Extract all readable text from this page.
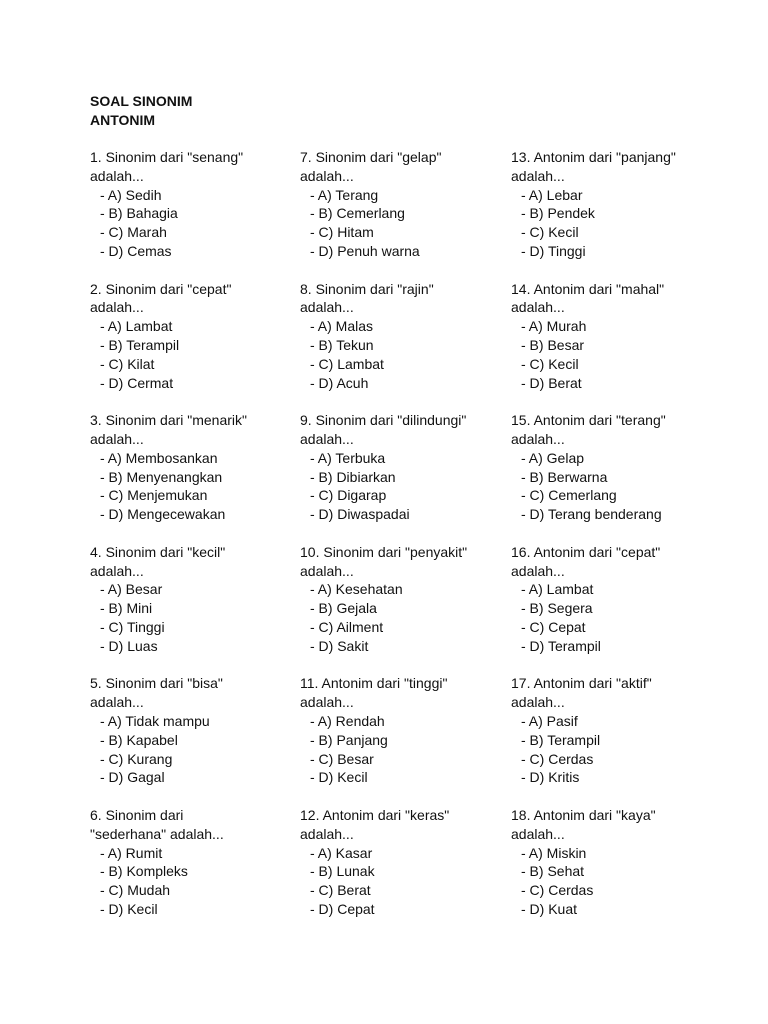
SOAL SINONIM
ANTONIM
1. Sinonim dari "senang"
adalah...
- A) Sedih
- B) Bahagia
- C) Marah
- D) Cemas
2. Sinonim dari "cepat"
adalah...
- A) Lambat
- B) Terampil
- C) Kilat
- D) Cermat
3. Sinonim dari "menarik"
adalah...
- A) Membosankan
- B) Menyenangkan
- C) Menjemukan
- D) Mengecewakan
4. Sinonim dari "kecil"
adalah...
- A) Besar
- B) Mini
- C) Tinggi
- D) Luas
5. Sinonim dari "bisa"
adalah...
- A) Tidak mampu
- B) Kapabel
- C) Kurang
- D) Gagal
6. Sinonim dari
"sederhana" adalah...
- A) Rumit
- B) Kompleks
- C) Mudah
- D) Kecil
7. Sinonim dari "gelap"
adalah...
- A) Terang
- B) Cemerlang
- C) Hitam
- D) Penuh warna
8. Sinonim dari "rajin"
adalah...
- A) Malas
- B) Tekun
- C) Lambat
- D) Acuh
9. Sinonim dari "dilindungi"
adalah...
- A) Terbuka
- B) Dibiarkan
- C) Digarap
- D) Diwaspadai
10. Sinonim dari "penyakit"
adalah...
- A) Kesehatan
- B) Gejala
- C) Ailment
- D) Sakit
11. Antonim dari "tinggi"
adalah...
- A) Rendah
- B) Panjang
- C) Besar
- D) Kecil
12. Antonim dari "keras"
adalah...
- A) Kasar
- B) Lunak
- C) Berat
- D) Cepat
13. Antonim dari "panjang"
adalah...
- A) Lebar
- B) Pendek
- C) Kecil
- D) Tinggi
14. Antonim dari "mahal"
adalah...
- A) Murah
- B) Besar
- C) Kecil
- D) Berat
15. Antonim dari "terang"
adalah...
- A) Gelap
- B) Berwarna
- C) Cemerlang
- D) Terang benderang
16. Antonim dari "cepat"
adalah...
- A) Lambat
- B) Segera
- C) Cepat
- D) Terampil
17. Antonim dari "aktif"
adalah...
- A) Pasif
- B) Terampil
- C) Cerdas
- D) Kritis
18. Antonim dari "kaya"
adalah...
- A) Miskin
- B) Sehat
- C) Cerdas
- D) Kuat
